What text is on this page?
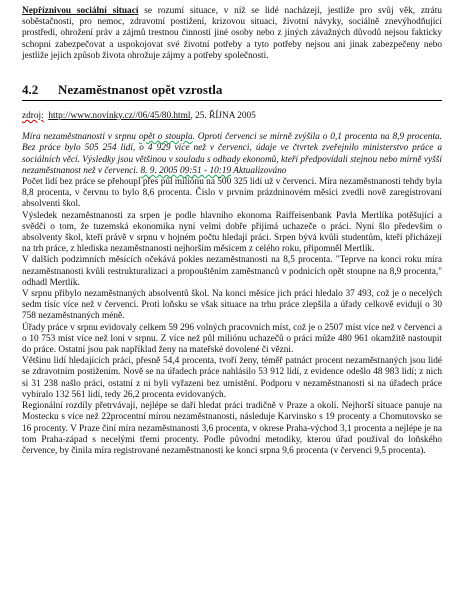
Nepříznivou sociální situací se rozumí situace, v níž se lidé nacházejí, jestliže pro svůj věk, ztrátu soběstačnosti, pro nemoc, zdravotní postižení, krizovou situaci, životní návyky, sociálně znevýhodňující prostředí, ohrožení práv a zájmů trestnou činností jiné osoby nebo z jiných závažných důvodů nejsou fakticky schopni zabezpečovat a uspokojovat své životní potřeby a tyto potřeby nejsou ani jinak zabezpečeny nebo jestliže jejich způsob života ohrožuje zájmy a potřeby společnosti.

4.2 Nezaměstnanost opět vzrostla

zdroj: http://www.novinky.cz//06/45/80.html, 25. ŘÍJNA 2005

Míra nezaměstnanosti v srpnu opět o stoupla. Oproti červenci se mírně zvýšila o 0,1 procenta na 8,9 procenta. Bez práce bylo 505 254 lidí, o 4 929 více než v červenci, údaje ve čtvrtek zveřejnilo ministerstvo práce a sociálních věcí. Výsledky jsou většinou v souladu s odhady ekonomů, kteří předpovídali stejnou nebo mírně vyšší nezaměstnanost než v červenci. 8. 9. 2005 09:51 - 10:19 Aktualizováno

Počet lidí bez práce se přehoupl přes půl miliónu na 500 325 lidí už v červenci. Míra nezaměstnanosti tehdy byla 8,8 procenta, v červnu to bylo 8,6 procenta. Číslo v prvním prázdninovém měsíci zvedli nově zaregistrovaní absolventi škol.

Výsledek nezaměstnanosti za srpen je podle hlavního ekonoma Raiffeisenbank Pavla Mertlíka potěšující a svědčí o tom, že tuzemská ekonomika nyní velmi dobře přijímá uchazeče o práci. Nyní šlo především o absolventy škol, kteří právě v srpnu v hojném počtu hledají práci. Srpen bývá kvůli studentům, kteří přicházejí na trh práce, z hlediska nezaměstnanosti nejhorším měsícem z celého roku, připomněl Mertlík.

V dalších podzimních měsících očekává pokles nezaměstnanosti na 8,5 procenta. "Teprve na konci roku míra nezaměstnanosti kvůli restrukturalizaci a propouštěním zaměstnanců v podnicích opět stoupne na 8,9 procenta," odhadl Mertlík.

V srpnu přibylo nezaměstnaných absolventů škol. Na konci měsíce jich práci hledalo 37 493, což je o necelých sedm tisíc více než v červenci. Proti loňsku se však situace na trhu práce zlepšila a úřady celkově evidují o 30 758 nezaměstnaných méně.

Úřady práce v srpnu evidovaly celkem 59 296 volných pracovních míst, což je o 2507 míst více než v červenci a o 10 753 míst více než loni v srpnu. Z více než půl miliónu uchazečů o práci může 480 961 okamžitě nastoupit do práce. Ostatní jsou pak například ženy na mateřské dovolené či vězni.

Většinu lidí hledajících práci, přesně 54,4 procenta, tvoří ženy, téměř patnáct procent nezaměstnaných jsou lidé se zdravotním postižením. Nově se na úřadech práce nahlásilo 53 912 lidí, z evidence odešlo 48 983 lidí; z nich si 31 238 našlo práci, ostatní z ní byli vyřazeni bez umístění. Podporu v nezaměstnanosti si na úřadech práce vybíralo 132 561 lidí, tedy 26,2 procenta evidovaných.

Regionální rozdíly přetrvávají, nejlépe se daří hledat práci tradičně v Praze a okolí. Nejhorší situace panuje na Mostecku s více než 22procentní mírou nezaměstnanosti, následuje Karvinsko s 19 procenty a Chomutovsko se 16 procenty. V Praze činí míra nezaměstnanosti 3,6 procenta, v okrese Praha-východ 3,1 procenta a nejlépe je na tom Praha-západ s necelými třemi procenty. Podle původní metodiky, kterou úřad používal do loňského července, by činila míra registrované nezaměstnanosti ke konci srpna 9,6 procenta (v červenci 9,5 procenta).
